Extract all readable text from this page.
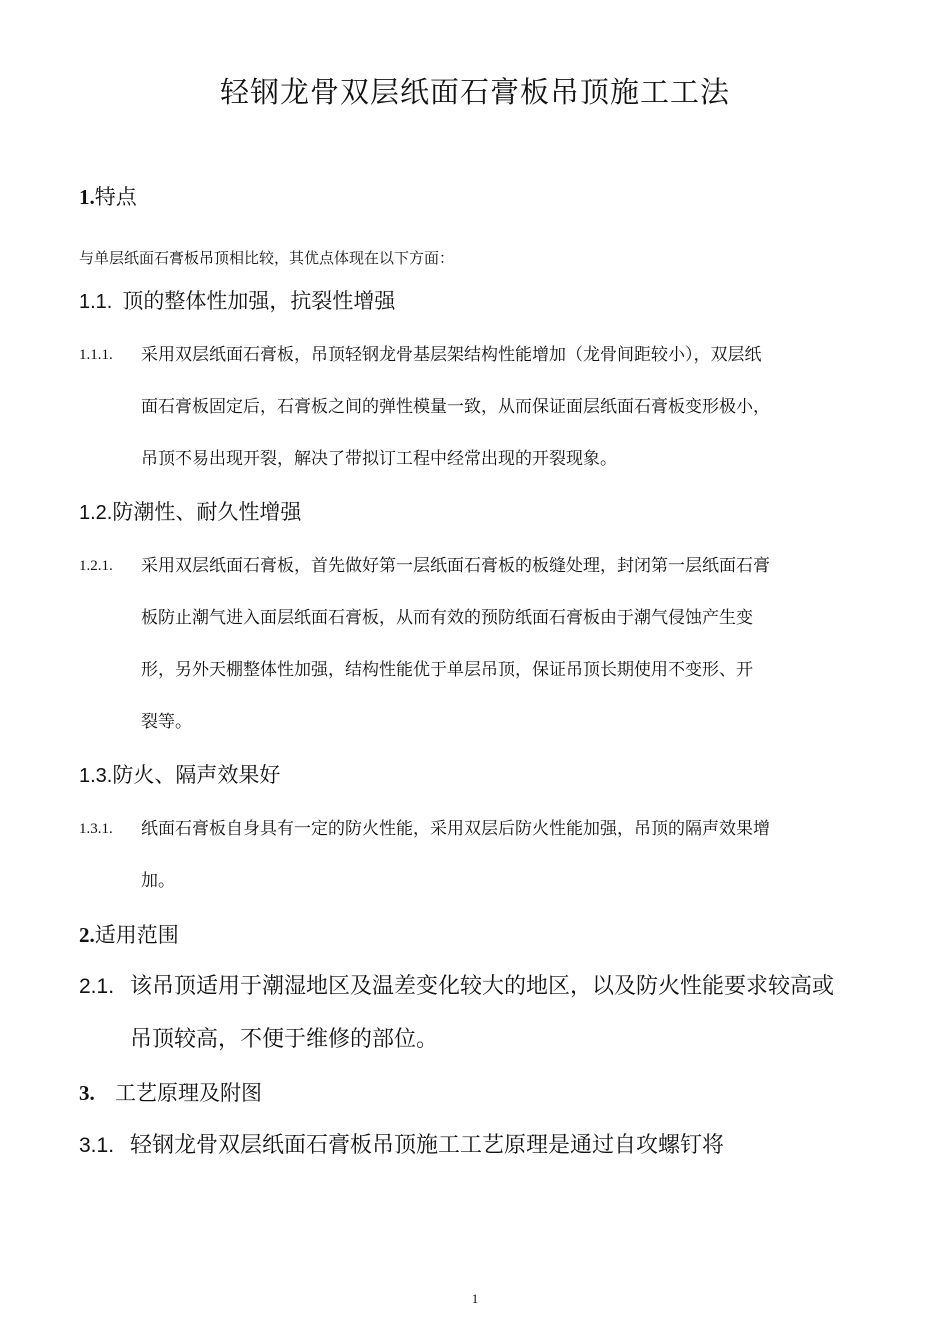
轻钢龙骨双层纸面石膏板吊顶施工工法
1.特点
与单层纸面石膏板吊顶相比较，其优点体现在以下方面：
1.1. 顶的整体性加强，抗裂性增强
1.1.1. 采用双层纸面石膏板，吊顶轻钢龙骨基层架结构性能增加（龙骨间距较小），双层纸
面石膏板固定后，石膏板之间的弹性模量一致，从而保证面层纸面石膏板变形极小，
吊顶不易出现开裂，解决了带拟订工程中经常出现的开裂现象。
1.2.防潮性、耐久性增强
1.2.1. 采用双层纸面石膏板，首先做好第一层纸面石膏板的板缝处理，封闭第一层纸面石膏
板防止潮气进入面层纸面石膏板，从而有效的预防纸面石膏板由于潮气侵蚀产生变
形，另外天棚整体性加强，结构性能优于单层吊顶，保证吊顶长期使用不变形、开
裂等。
1.3.防火、隔声效果好
1.3.1. 纸面石膏板自身具有一定的防火性能，采用双层后防火性能加强，吊顶的隔声效果增
加。
2.适用范围
2.1. 该吊顶适用于潮湿地区及温差变化较大的地区，以及防火性能要求较高或
吊顶较高，不便于维修的部位。
3. 工艺原理及附图
3.1. 轻钢龙骨双层纸面石膏板吊顶施工工艺原理是通过自攻螺钉将
1
